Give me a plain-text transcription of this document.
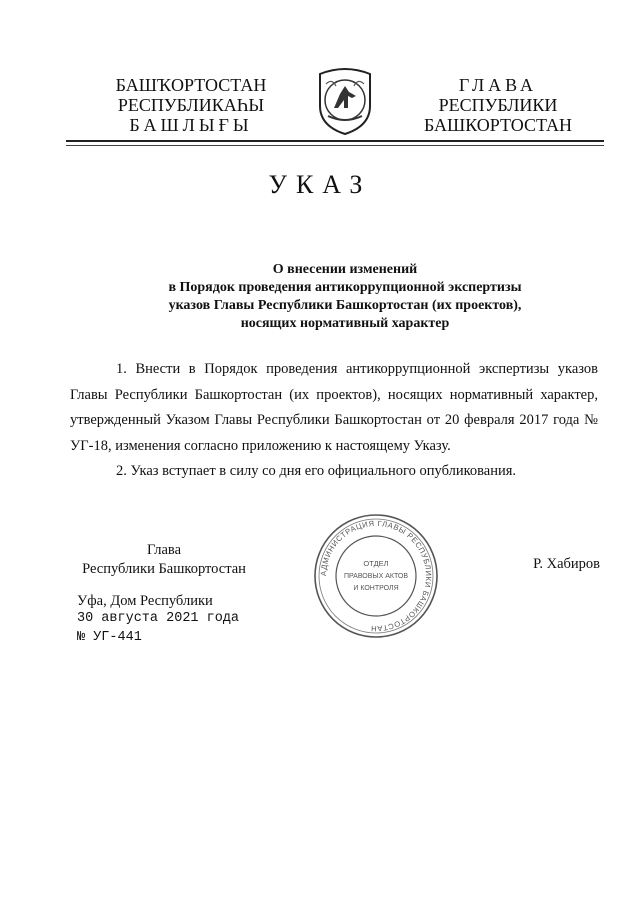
БАШҠОРТОСТАН
РЕСПУБЛИКАҺЫ
БАШЛЫҒЫ
ГЛАВА
РЕСПУБЛИКИ
БАШКОРТОСТАН
УКАЗ
О внесении изменений
в Порядок проведения антикоррупционной экспертизы
указов Главы Республики Башкортостан (их проектов),
носящих нормативный характер

1. Внести в Порядок проведения антикоррупционной экспертизы указов Главы Республики Башкортостан (их проектов), носящих нормативный характер, утвержденный Указом Главы Республики Башкортостан от 20 февраля 2017 года № УГ-18, изменения согласно приложению к настоящему Указу.

2. Указ вступает в силу со дня его официального опубликования.

Глава
Республики Башкортостан	АДМИНИСТРАЦИЯ ГЛАВЫ РЕСПУБЛИКИ БАШКОРТОСТАН
ОТДЕЛ
ПРАВОВЫХ АКТОВ
И КОНТРОЛЯ
Р. Хабиров
Уфа, Дом Республики
30 августа 2021 года
№ УГ-441
